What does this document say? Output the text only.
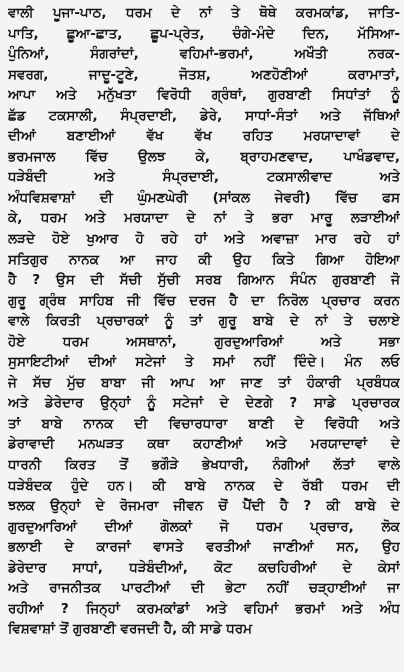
ਵਾਲੀ ਪੂਜਾ-ਪਾਠ, ਧਰਮ ਦੇ ਨਾਂ ਤੇ ਥੋਥੇ ਕਰਮਕਾਂਡ, ਜਾਤਿ-
ਪਾਤਿ, ਛੂਆ-ਛਾਤ, ਛੂਪ-ਪ੍ਰੇਤ, ਚੰਗੇ-ਮੰਦੇ ਦਿਨ, ਮੱਸਿਆ-
ਪੁੰਨਿਆਂ, ਸੰਗਰਾਂਦਾਂ, ਵਹਿਮਾਂ-ਭਰਮਾਂ, ਅਖੌਤੀ ਨਰਕ-
ਸਵਰਗ, ਜਾਦੂ-ਟੂਣੇ, ਜੋਤਸ਼, ਅਣਹੋਣੀਆਂ ਕਰਾਮਾਤਾਂ,
ਆਪਾ ਅਤੇ ਮਨੁੱਖਤਾ ਵਿਰੋਧੀ ਗ੍ਰੰਥਾਂ, ਗੁਰਬਾਣੀ ਸਿਧਾਂਤਾਂ ਨੂੰ
ਛੱਡ ਟਕਸਾਲੀ, ਸੰਪ੍ਰਦਾਈ, ਡੇਰੇ, ਸਾਧਾਂ-ਸੰਤਾਂ ਅਤੇ ਜੱਥਿਆਂ
ਦੀਆਂ ਬਣਾਈਆਂ ਵੱਖ ਵੱਖ ਰਹਿਤ ਮਰਯਾਦਾਵਾਂ ਦੇ
ਭਰਮਜਾਲ ਵਿੱਚ ਉਲਝ ਕੇ, ਬ੍ਰਾਹਮਣਵਾਦ, ਪਾਖੰਡਵਾਦ,
ਧੜੇਬੰਦੀ ਅਤੇ ਸੰਪ੍ਰਦਾਈ, ਟਕਸਾਲੀਵਾਦ ਅਤੇ
ਅੰਧਵਿਸ਼ਵਾਸ਼ਾਂ ਦੀ ਘੁੰਮਣਘੇਰੀ (ਸਾਂਕਲ ਜੇਵਰੀ) ਵਿੱਚ ਫਸ
ਕੇ, ਧਰਮ ਅਤੇ ਮਰਯਾਦਾ ਦੇ ਨਾਂ ਤੇ ਭਰਾ ਮਾਰੂ ਲੜਾਈਆਂ
ਲੜਦੇ ਹੋਏ ਖੁਆਰ ਹੋ ਰਹੇ ਹਾਂ ਅਤੇ ਅਵਾਜ਼ਾ ਮਾਰ ਰਹੇ ਹਾਂ
ਸਤਿਗੁਰ ਨਾਨਕ ਆ ਜਾਹ ਕੀ ਉਹ ਕਿਤੇ ਗਿਆ ਹੋਇਆ
ਹੈ ? ਉਸ ਦੀ ਸੱਚੀ ਸੁੱਚੀ ਸਰਬ ਗਿਆਨ ਸੰਪੰਨ ਗੁਰਬਾਣੀ ਜੋ
ਗੁਰੂ ਗ੍ਰੰਥ ਸਾਹਿਬ ਜੀ ਵਿੱਚ ਦਰਜ ਹੈ ਦਾ ਨਿਰੋਲ ਪ੍ਰਚਾਰ ਕਰਨ
ਵਾਲੇ ਕਿਰਤੀ ਪ੍ਰਚਾਰਕਾਂ ਨੂੰ ਤਾਂ ਗੁਰੂ ਬਾਬੇ ਦੇ ਨਾਂ ਤੇ ਚਲਾਏ
ਹੋਏ ਧਰਮ ਅਸਥਾਨਾਂ, ਗੁਰਦੁਆਰਿਆਂ ਅਤੇ ਸਭਾ
ਸੁਸਾਇਟੀਆਂ ਦੀਆਂ ਸਟੇਜਾਂ ਤੇ ਸਮਾਂ ਨਹੀਂ ਦਿੰਦੇ। ਮੰਨ ਲਓ
ਜੇ ਸੱਚ ਮੁੱਚ ਬਾਬਾ ਜੀ ਆਪ ਆ ਜਾਣ ਤਾਂ ਹੰਕਾਰੀ ਪ੍ਰਬੰਧਕ
ਅਤੇ ਡੇਰੇਦਾਰ ਉਨ੍ਹਾਂ ਨੂੰ ਸਟੇਜਾਂ ਦੇ ਦੇਣਗੇ ? ਸਾਡੇ ਪ੍ਰਚਾਰਕ
ਤਾਂ ਬਾਬੇ ਨਾਨਕ ਦੀ ਵਿਚਾਰਧਾਰਾ ਬਾਣੀ ਦੇ ਵਿਰੋਧੀ ਅਤੇ
ਡੇਰਾਵਾਦੀ ਮਨਘੜਤ ਕਥਾ ਕਹਾਣੀਆਂ ਅਤੇ ਮਰਯਾਦਾਵਾਂ ਦੇ
ਧਾਰਨੀ ਕਿਰਤ ਤੋਂ ਭਗੌੜੇ ਭੇਖਧਾਰੀ, ਨੰਗੀਆਂ ਲੱਤਾਂ ਵਾਲੇ
ਧੜੇਬੰਦਕ ਹੁੰਦੇ ਹਨ। ਕੀ ਬਾਬੇ ਨਾਨਕ ਦੇ ਰੱਬੀ ਧਰਮ ਦੀ
ਝਲਕ ਉਨ੍ਹਾਂ ਦੇ ਰੋਜਮਰਾ ਜੀਵਨ ਚੋਂ ਪੈਂਦੀ ਹੈ ? ਕੀ ਬਾਬੇ ਦੇ
ਗੁਰਦੁਆਰਿਆਂ ਦੀਆਂ ਗੋਲਕਾਂ ਜੋ ਧਰਮ ਪ੍ਰਚਾਰ, ਲੋਕ
ਭਲਾਈ ਦੇ ਕਾਰਜਾਂ ਵਾਸਤੇ ਵਰਤੀਆਂ ਜਾਣੀਆਂ ਸਨ, ਉਹ
ਡੇਰੇਦਾਰ ਸਾਧਾਂ, ਧੜੇਬੰਦੀਆਂ, ਕੋਟ ਕਚਹਿਰੀਆਂ ਦੇ ਕੇਸਾਂ
ਅਤੇ ਰਾਜਨੀਤਕ ਪਾਰਟੀਆਂ ਦੀ ਭੇਟਾ ਨਹੀਂ ਚੜ੍ਹਾਈਆਂ ਜਾ
ਰਹੀਆਂ ? ਜਿਨ੍ਹਾਂ ਕਰਮਕਾਂਡਾਂ ਅਤੇ ਵਹਿਮਾਂ ਭਰਮਾਂ ਅਤੇ ਅੰਧ
ਵਿਸ਼ਵਾਸ਼ਾਂ ਤੋਂ ਗੁਰਬਾਣੀ ਵਰਜਦੀ ਹੈ, ਕੀ ਸਾਡੇ ਧਰਮ
